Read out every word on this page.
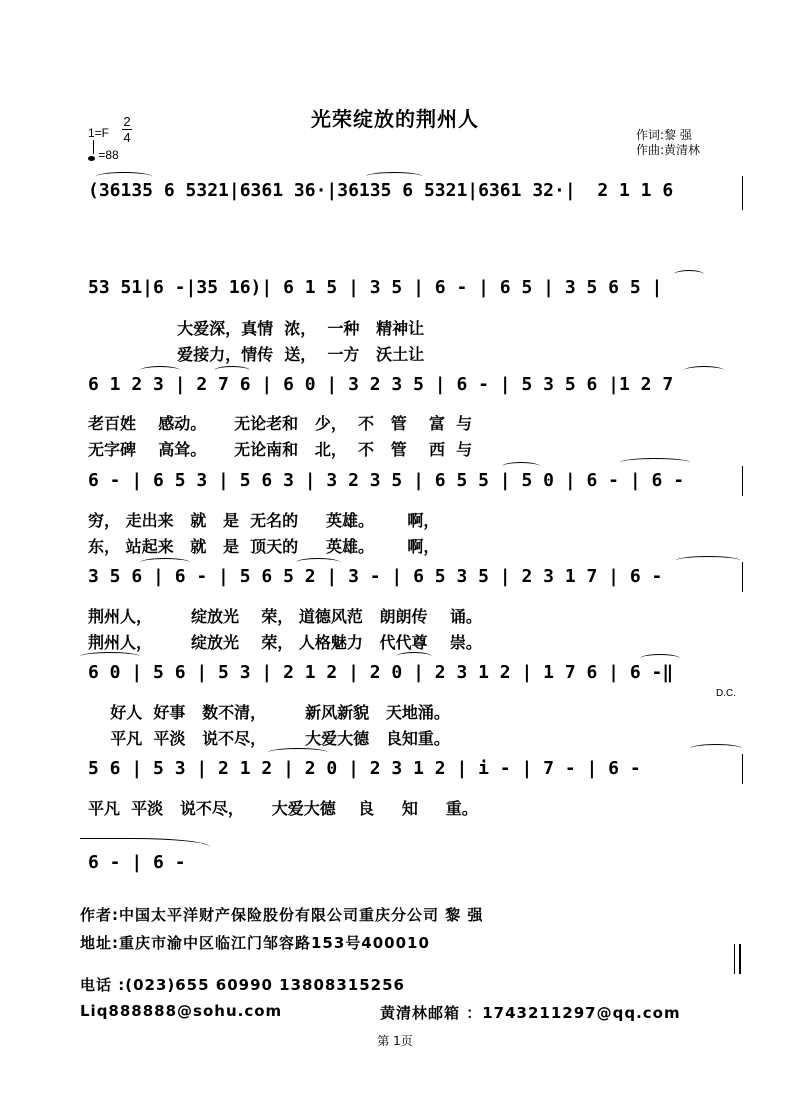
光荣绽放的荆州人
1=F
2
4
=88
作词:黎 强
作曲:黄清林
(36135 6 5321|6361 36·|36135 6 5321|6361 32·|  2 1 1 6
53 51|6 -|35 16)| 6 1 5 | 3 5 | 6 - | 6 5 | 3 5 6 5 |
大爱深，真情  浓，  一种   精神让
爱接力，情传  送，  一方   沃土让
6 1 2 3 | 2 7 6 | 6 0 | 3 2 3 5 | 6 - | 5 3 5 6 |1 2 7
老百姓    感动。     无论老和   少，  不   管    富  与
无字碑    高耸。     无论南和   北，  不   管    西  与
6 - | 6 5 3 | 5 6 3 | 3 2 3 5 | 6 5 5 | 5 0 | 6 - | 6 -
穷， 走出来   就   是  无名的     英雄。      啊，
东， 站起来   就   是  顶天的     英雄。      啊，
3 5 6 | 6 - | 5 6 5 2 | 3 - | 6 5 3 5 | 2 3 1 7 | 6 -
荆州人，       绽放光    荣， 道德风范   朗朗传    诵。
荆州人，       绽放光    荣， 人格魅力   代代尊    崇。
6 0 | 5 6 | 5 3 | 2 1 2 | 2 0 | 2 3 1 2 | 1 7 6 | 6 -‖
D.C.
好人  好事   数不清，       新风新貌   天地涌。
平凡  平淡   说不尽，       大爱大德   良知重。
5 6 | 5 3 | 2 1 2 | 2 0 | 2 3 1 2 | i - | 7 - | 6 -
平凡  平淡   说不尽，     大爱大德    良     知     重。
6 - | 6 -
作者:中国太平洋财产保险股份有限公司重庆分公司 黎 强
地址:重庆市渝中区临江门邹容路153号400010
电话 :(023)655 60990 13808315256
Liq888888@sohu.com	黄清林邮箱 ：1743211297@qq.com
第 1页
